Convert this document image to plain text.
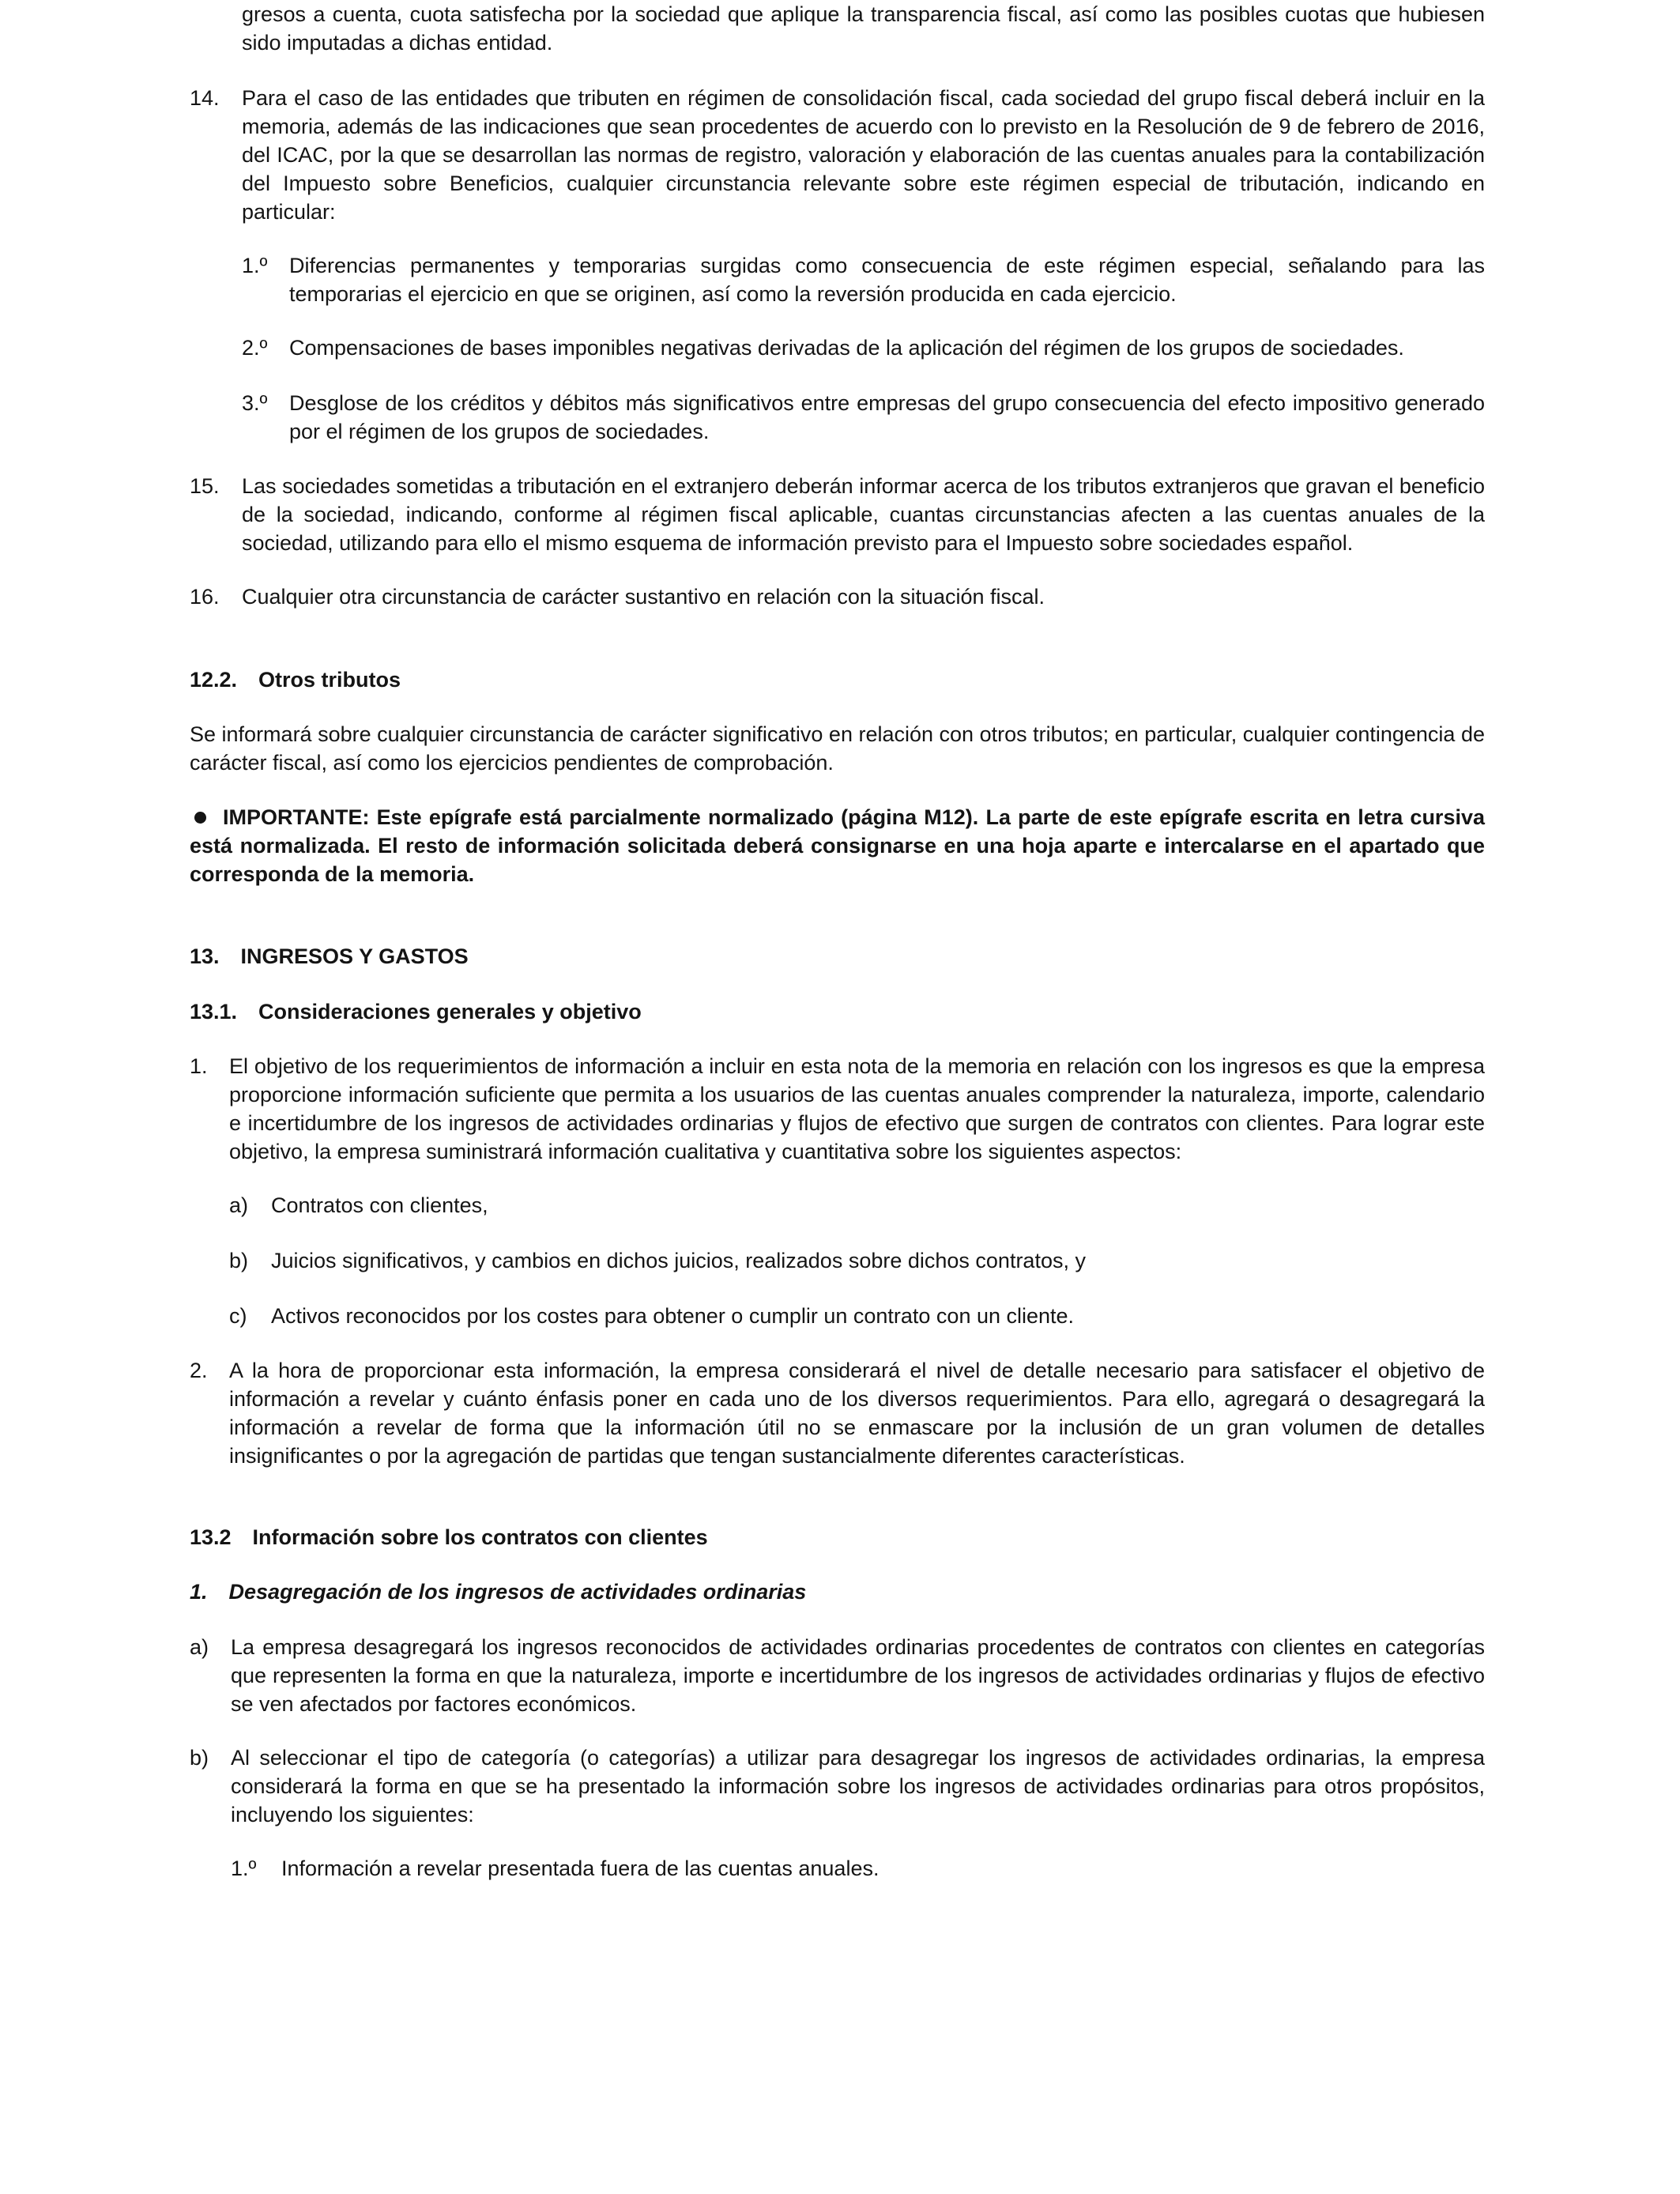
gresos a cuenta, cuota satisfecha por la sociedad que aplique la transparencia fiscal, así como las posibles cuotas que hubiesen sido imputadas a dichas entidad.

14. Para el caso de las entidades que tributen en régimen de consolidación fiscal, cada sociedad del grupo fiscal deberá incluir en la memoria, además de las indicaciones que sean procedentes de acuerdo con lo previsto en la Resolución de 9 de febrero de 2016, del ICAC, por la que se desarrollan las normas de registro, valoración y elaboración de las cuentas anuales para la contabilización del Impuesto sobre Beneficios, cualquier circunstancia relevante sobre este régimen especial de tributación, indicando en particular:

1.º Diferencias permanentes y temporarias surgidas como consecuencia de este régimen especial, señalando para las temporarias el ejercicio en que se originen, así como la reversión producida en cada ejercicio.

2.º Compensaciones de bases imponibles negativas derivadas de la aplicación del régimen de los grupos de sociedades.

3.º Desglose de los créditos y débitos más significativos entre empresas del grupo consecuencia del efecto impositivo generado por el régimen de los grupos de sociedades.

15. Las sociedades sometidas a tributación en el extranjero deberán informar acerca de los tributos extranjeros que gravan el beneficio de la sociedad, indicando, conforme al régimen fiscal aplicable, cuantas circunstancias afecten a las cuentas anuales de la sociedad, utilizando para ello el mismo esquema de información previsto para el Impuesto sobre sociedades español.

16. Cualquier otra circunstancia de carácter sustantivo en relación con la situación fiscal.

12.2. Otros tributos

Se informará sobre cualquier circunstancia de carácter significativo en relación con otros tributos; en particular, cualquier contingencia de carácter fiscal, así como los ejercicios pendientes de comprobación.

IMPORTANTE: Este epígrafe está parcialmente normalizado (página M12). La parte de este epígrafe escrita en letra cursiva está normalizada. El resto de información solicitada deberá consignarse en una hoja aparte e intercalarse en el apartado que corresponda de la memoria.

13. INGRESOS Y GASTOS
13.1. Consideraciones generales y objetivo
1. El objetivo de los requerimientos de información a incluir en esta nota de la memoria en relación con los ingresos es que la empresa proporcione información suficiente que permita a los usuarios de las cuentas anuales comprender la naturaleza, importe, calendario e incertidumbre de los ingresos de actividades ordinarias y flujos de efectivo que surgen de contratos con clientes. Para lograr este objetivo, la empresa suministrará información cualitativa y cuantitativa sobre los siguientes aspectos:

a) Contratos con clientes,

b) Juicios significativos, y cambios en dichos juicios, realizados sobre dichos contratos, y

c) Activos reconocidos por los costes para obtener o cumplir un contrato con un cliente.

2. A la hora de proporcionar esta información, la empresa considerará el nivel de detalle necesario para satisfacer el objetivo de información a revelar y cuánto énfasis poner en cada uno de los diversos requerimientos. Para ello, agregará o desagregará la información a revelar de forma que la información útil no se enmascare por la inclusión de un gran volumen de detalles insignificantes o por la agregación de partidas que tengan sustancialmente diferentes características.

13.2 Información sobre los contratos con clientes
1. Desagregación de los ingresos de actividades ordinarias
a) La empresa desagregará los ingresos reconocidos de actividades ordinarias procedentes de contratos con clientes en categorías que representen la forma en que la naturaleza, importe e incertidumbre de los ingresos de actividades ordinarias y flujos de efectivo se ven afectados por factores económicos.

b) Al seleccionar el tipo de categoría (o categorías) a utilizar para desagregar los ingresos de actividades ordinarias, la empresa considerará la forma en que se ha presentado la información sobre los ingresos de actividades ordinarias para otros propósitos, incluyendo los siguientes:

1.º Información a revelar presentada fuera de las cuentas anuales.
